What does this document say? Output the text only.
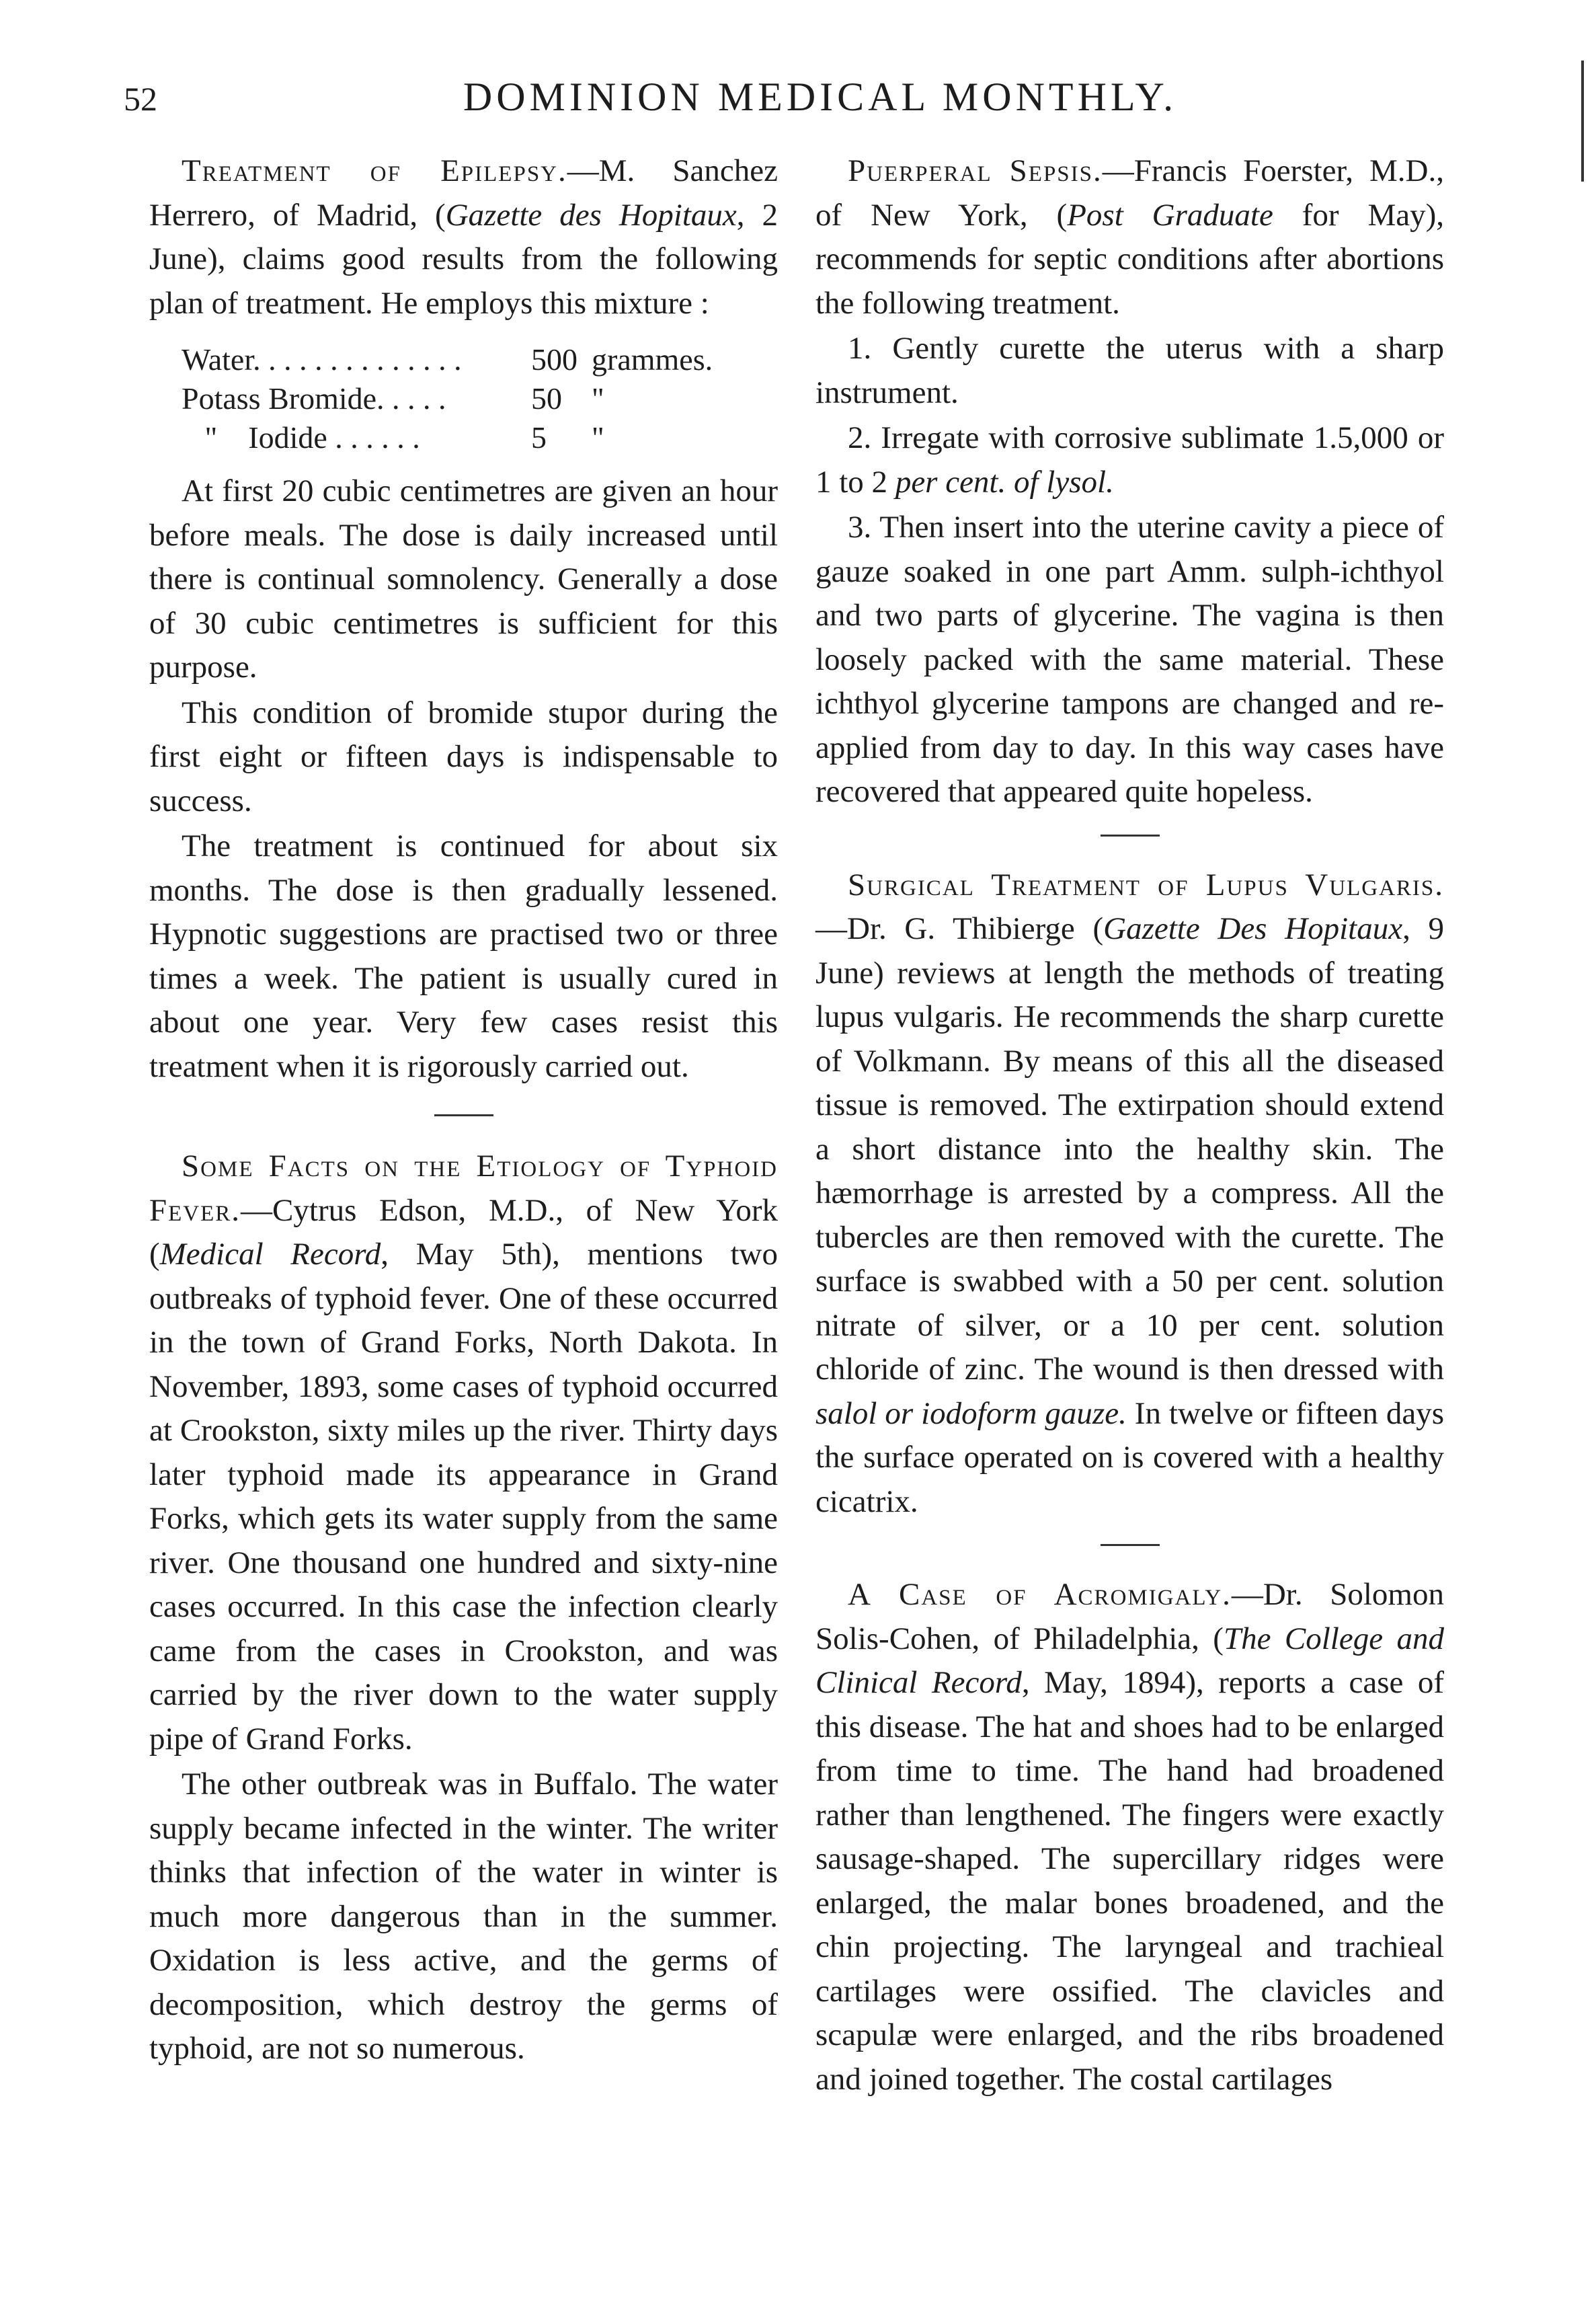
52	DOMINION MEDICAL MONTHLY.

Treatment of Epilepsy.—M. Sanchez Herrero, of Madrid, (Gazette des Hopitaux, 2 June), claims good results from the following plan of treatment. He employs this mixture :

Water. . . . . . . . . . . . . .	500 grammes.
Potass Bromide. . . . .	50 "
"    Iodide . . . . . .	5	"

At first 20 cubic centimetres are given an hour before meals. The dose is daily increased until there is continual somnolency. Generally a dose of 30 cubic centimetres is sufficient for this purpose.

This condition of bromide stupor during the first eight or fifteen days is indispensable to success.

The treatment is continued for about six months. The dose is then gradually lessened. Hypnotic suggestions are practised two or three times a week. The patient is usually cured in about one year. Very few cases resist this treatment when it is rigorously carried out.

Some Facts on the Etiology of Typhoid Fever.—Cytrus Edson, M.D., of New York (Medical Record, May 5th), mentions two outbreaks of typhoid fever. One of these occurred in the town of Grand Forks, North Dakota. In November, 1893, some cases of typhoid occurred at Crookston, sixty miles up the river. Thirty days later typhoid made its appearance in Grand Forks, which gets its water supply from the same river. One thousand one hundred and sixty-nine cases occurred. In this case the infection clearly came from the cases in Crookston, and was carried by the river down to the water supply pipe of Grand Forks.

The other outbreak was in Buffalo. The water supply became infected in the winter. The writer thinks that infection of the water in winter is much more dangerous than in the summer. Oxidation is less active, and the germs of decomposition, which destroy the germs of typhoid, are not so numerous.

Puerperal Sepsis.—Francis Foerster, M.D., of New York, (Post Graduate for May), recommends for septic conditions after abortions the following treatment.

1. Gently curette the uterus with a sharp instrument.

2. Irregate with corrosive sublimate 1.5,000 or 1 to 2 per cent. of lysol.

3. Then insert into the uterine cavity a piece of gauze soaked in one part Amm. sulph-ichthyol and two parts of glycerine. The vagina is then loosely packed with the same material. These ichthyol glycerine tampons are changed and re-applied from day to day. In this way cases have recovered that appeared quite hopeless.

Surgical Treatment of Lupus Vulgaris.—Dr. G. Thibierge (Gazette Des Hopitaux, 9 June) reviews at length the methods of treating lupus vulgaris. He recommends the sharp curette of Volkmann. By means of this all the diseased tissue is removed. The extirpation should extend a short distance into the healthy skin. The hæmorrhage is arrested by a compress. All the tubercles are then removed with the curette. The surface is swabbed with a 50 per cent. solution nitrate of silver, or a 10 per cent. solution chloride of zinc. The wound is then dressed with salol or iodoform gauze. In twelve or fifteen days the surface operated on is covered with a healthy cicatrix.

A Case of Acromigaly.—Dr. Solomon Solis-Cohen, of Philadelphia, (The College and Clinical Record, May, 1894), reports a case of this disease. The hat and shoes had to be enlarged from time to time. The hand had broadened rather than lengthened. The fingers were exactly sausage-shaped. The supercillary ridges were enlarged, the malar bones broadened, and the chin projecting. The laryngeal and trachieal cartilages were ossified. The clavicles and scapulæ were enlarged, and the ribs broadened and joined together. The costal cartilages
